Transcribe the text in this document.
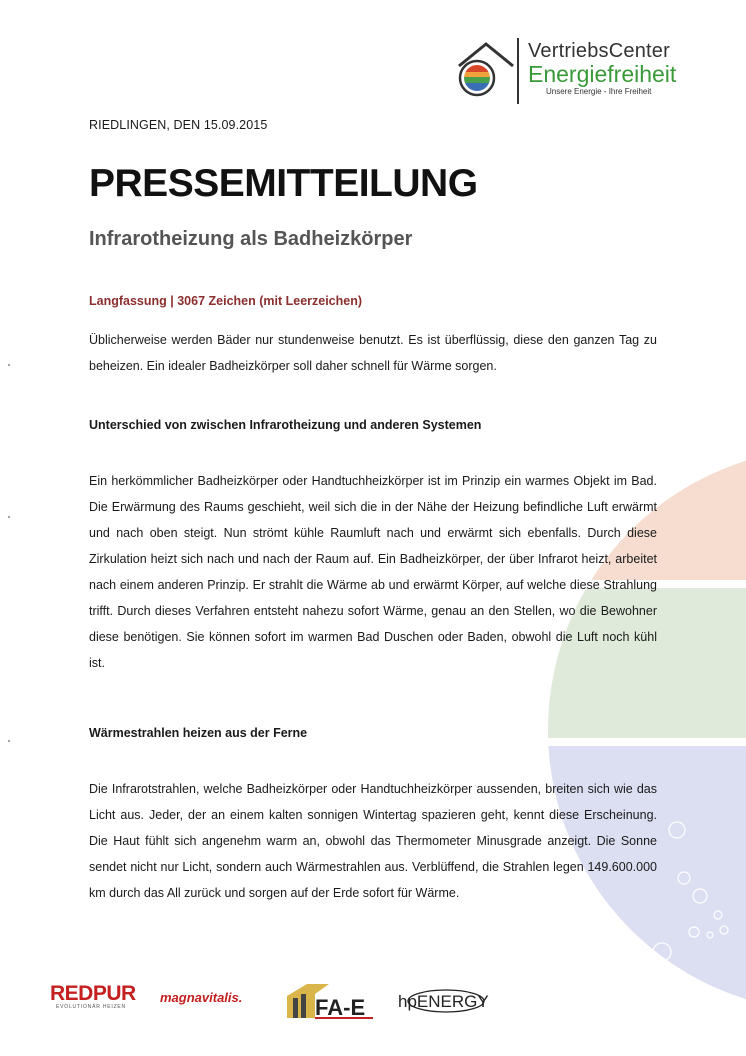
VertriebsCenter
Energiefreiheit
Unsere Energie - Ihre Freiheit
RIEDLINGEN, DEN 15.09.2015
PRESSEMITTEILUNG
Infrarotheizung als Badheizkörper
Langfassung | 3067 Zeichen (mit Leerzeichen)
Üblicherweise werden Bäder nur stundenweise benutzt. Es ist überflüssig, diese den ganzen Tag zu beheizen. Ein idealer Badheizkörper soll daher schnell für Wärme sorgen.
Unterschied von zwischen Infrarotheizung und anderen Systemen
Ein herkömmlicher Badheizkörper oder Handtuchheizkörper ist im Prinzip ein warmes Objekt im Bad. Die Erwärmung des Raums geschieht, weil sich die in der Nähe der Heizung befindliche Luft erwärmt und nach oben steigt. Nun strömt kühle Raumluft nach und erwärmt sich ebenfalls. Durch diese Zirkulation heizt sich nach und nach der Raum auf. Ein Badheizkörper, der über Infrarot heizt, arbeitet nach einem anderen Prinzip. Er strahlt die Wärme ab und erwärmt Körper, auf welche diese Strahlung trifft. Durch dieses Verfahren entsteht nahezu sofort Wärme, genau an den Stellen, wo die Bewohner diese benötigen. Sie können sofort im warmen Bad Duschen oder Baden, obwohl die Luft noch kühl ist.
Wärmestrahlen heizen aus der Ferne
Die Infrarotstrahlen, welche Badheizkörper oder Handtuchheizkörper aussenden, breiten sich wie das Licht aus. Jeder, der an einem kalten sonnigen Wintertag spazieren geht, kennt diese Erscheinung. Die Haut fühlt sich angenehm warm an, obwohl das Thermometer Minusgrade anzeigt. Die Sonne sendet nicht nur Licht, sondern auch Wärmestrahlen aus. Verblüffend, die Strahlen legen 149.600.000 km durch das All zurück und sorgen auf der Erde sofort für Wärme.
REDPUR
EVOLUTIONÄR HEIZEN
magnavitalis.	FA-E hpENERGY
